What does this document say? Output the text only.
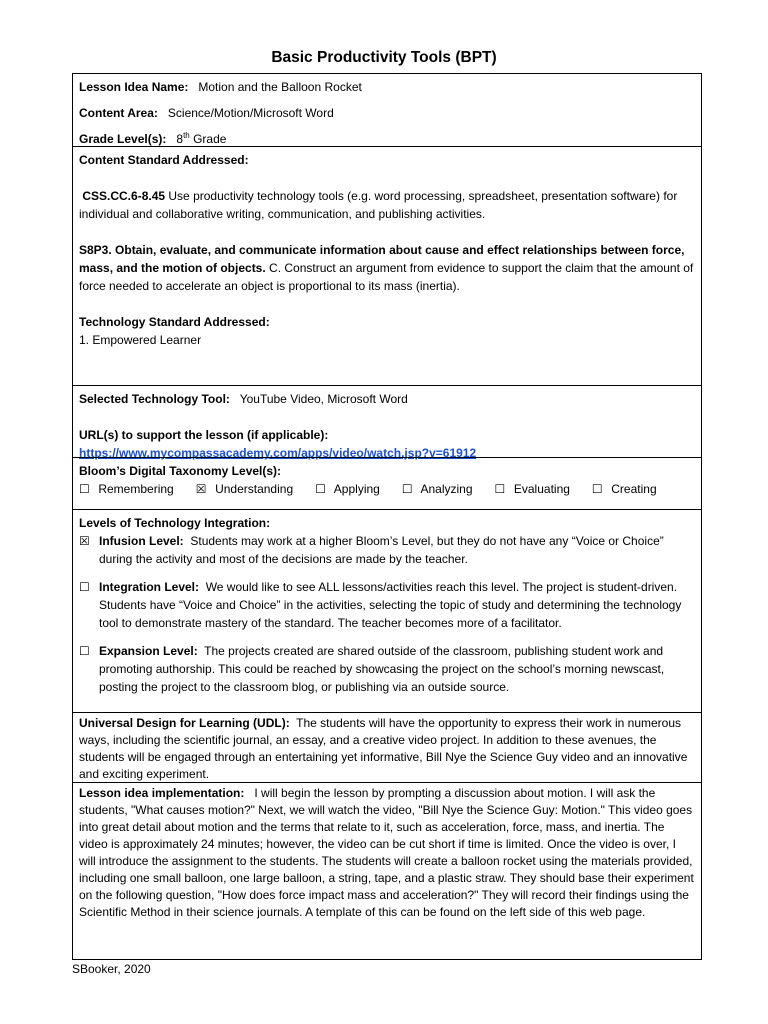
Basic Productivity Tools (BPT)
Lesson Idea Name: Motion and the Balloon Rocket
Content Area: Science/Motion/Microsoft Word
Grade Level(s): 8th Grade

Content Standard Addressed:

CSS.CC.6-8.45 Use productivity technology tools (e.g. word processing, spreadsheet, presentation software) for individual and collaborative writing, communication, and publishing activities.

S8P3. Obtain, evaluate, and communicate information about cause and effect relationships between force, mass, and the motion of objects. C. Construct an argument from evidence to support the claim that the amount of force needed to accelerate an object is proportional to its mass (inertia).

Technology Standard Addressed:

1. Empowered Learner

Selected Technology Tool: YouTube Video, Microsoft Word
URL(s) to support the lesson (if applicable):
https://www.mycompassacademy.com/apps/video/watch.jsp?v=61912
Bloom’s Digital Taxonomy Level(s):
☐ Remembering ☒ Understanding ☐ Applying ☐ Analyzing ☐ Evaluating ☐ Creating
Levels of Technology Integration:
☒ Infusion Level: Students may work at a higher Bloom’s Level, but they do not have any “Voice or Choice” during the activity and most of the decisions are made by the teacher.
☐ Integration Level: We would like to see ALL lessons/activities reach this level. The project is student-driven. Students have “Voice and Choice” in the activities, selecting the topic of study and determining the technology tool to demonstrate mastery of the standard. The teacher becomes more of a facilitator.
☐ Expansion Level: The projects created are shared outside of the classroom, publishing student work and promoting authorship. This could be reached by showcasing the project on the school’s morning newscast, posting the project to the classroom blog, or publishing via an outside source.

Universal Design for Learning (UDL): The students will have the opportunity to express their work in numerous ways, including the scientific journal, an essay, and a creative video project. In addition to these avenues, the students will be engaged through an entertaining yet informative, Bill Nye the Science Guy video and an innovative and exciting experiment.

Lesson idea implementation: I will begin the lesson by prompting a discussion about motion. I will ask the students, "What causes motion?" Next, we will watch the video, "Bill Nye the Science Guy: Motion." This video goes into great detail about motion and the terms that relate to it, such as acceleration, force, mass, and inertia. The video is approximately 24 minutes; however, the video can be cut short if time is limited. Once the video is over, I will introduce the assignment to the students. The students will create a balloon rocket using the materials provided, including one small balloon, one large balloon, a string, tape, and a plastic straw. They should base their experiment on the following question, "How does force impact mass and acceleration?" They will record their findings using the Scientific Method in their science journals. A template of this can be found on the left side of this web page.

SBooker, 2020
